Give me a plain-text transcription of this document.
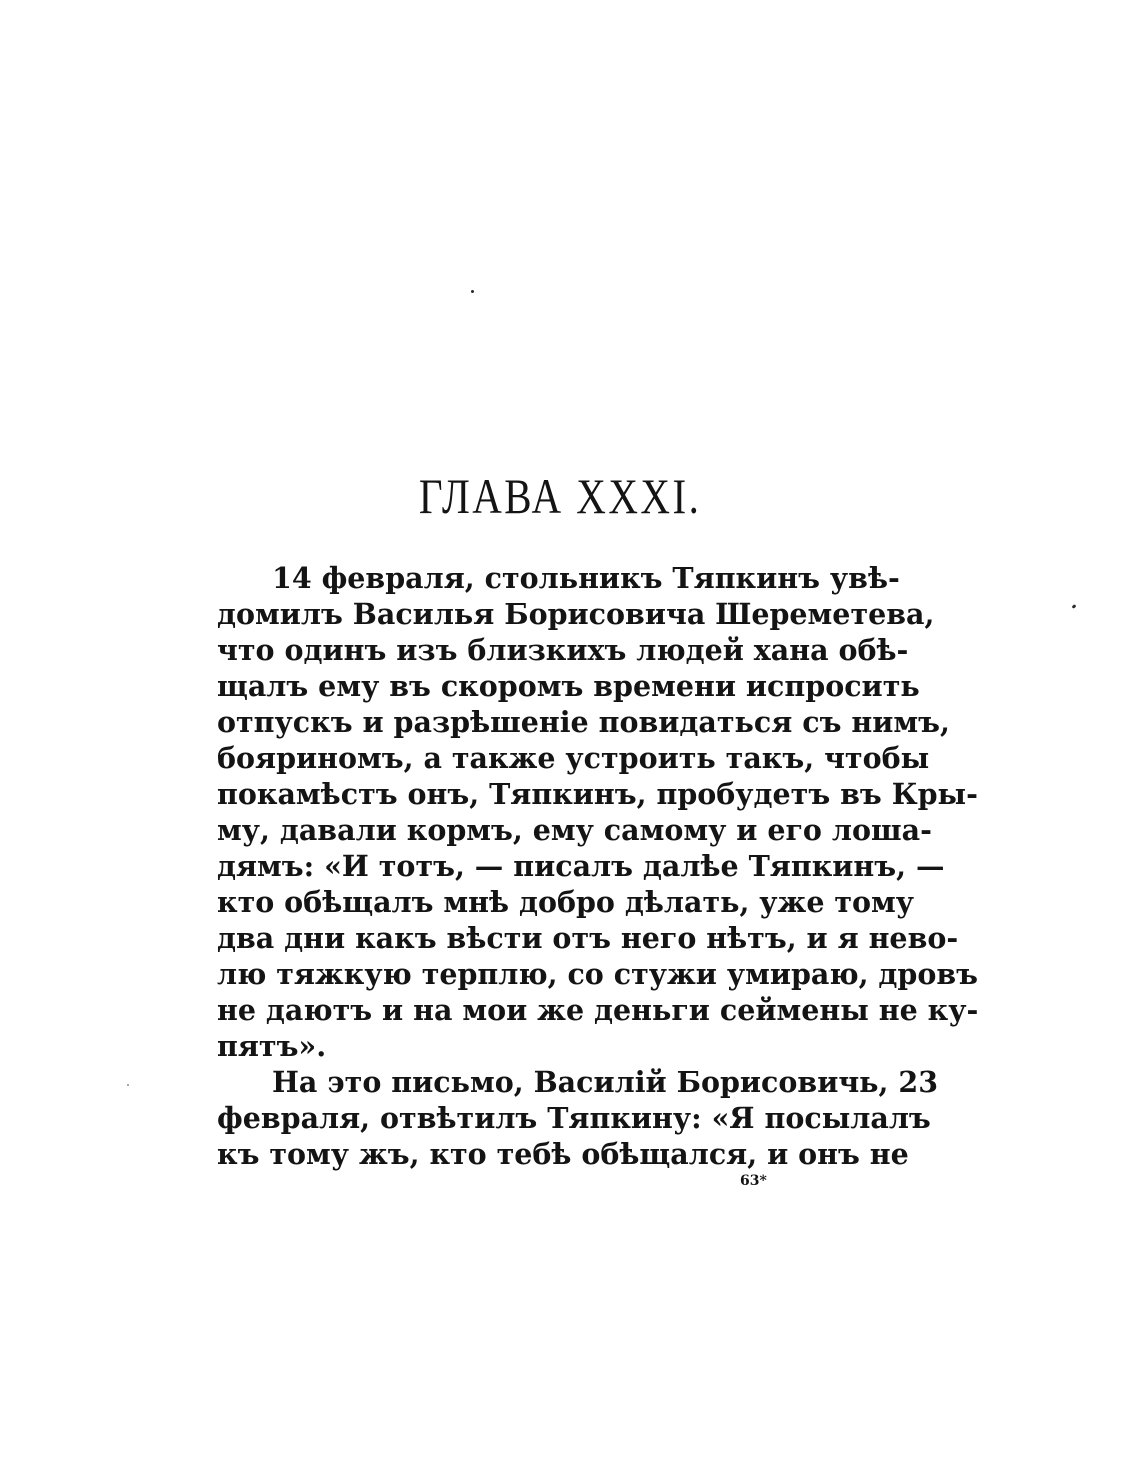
ГЛАВА XXXI.
14 февраля, стольникъ Тяпкинъ увѣ-
домилъ Василья Борисовича Шереметева,
что одинъ изъ близкихъ людей хана обѣ-
щалъ ему въ скоромъ времени испросить
отпускъ и разрѣшеніе повидаться съ нимъ,
бояриномъ, а также устроить такъ, чтобы
покамѣстъ онъ, Тяпкинъ, пробудетъ въ Кры-
му, давали кормъ, ему самому и его лоша-
дямъ: «И тотъ, — писалъ далѣе Тяпкинъ, —
кто обѣщалъ мнѣ добро дѣлать, уже тому
два дни какъ вѣсти отъ него нѣтъ, и я нево-
лю тяжкую терплю, со стужи умираю, дровъ
не даютъ и на мои же деньги сеймены не ку-
пятъ».
На это письмо, Василій Борисовичь, 23
февраля, отвѣтилъ Тяпкину: «Я посылалъ
къ тому жъ, кто тебѣ обѣщался, и онъ не
63*
